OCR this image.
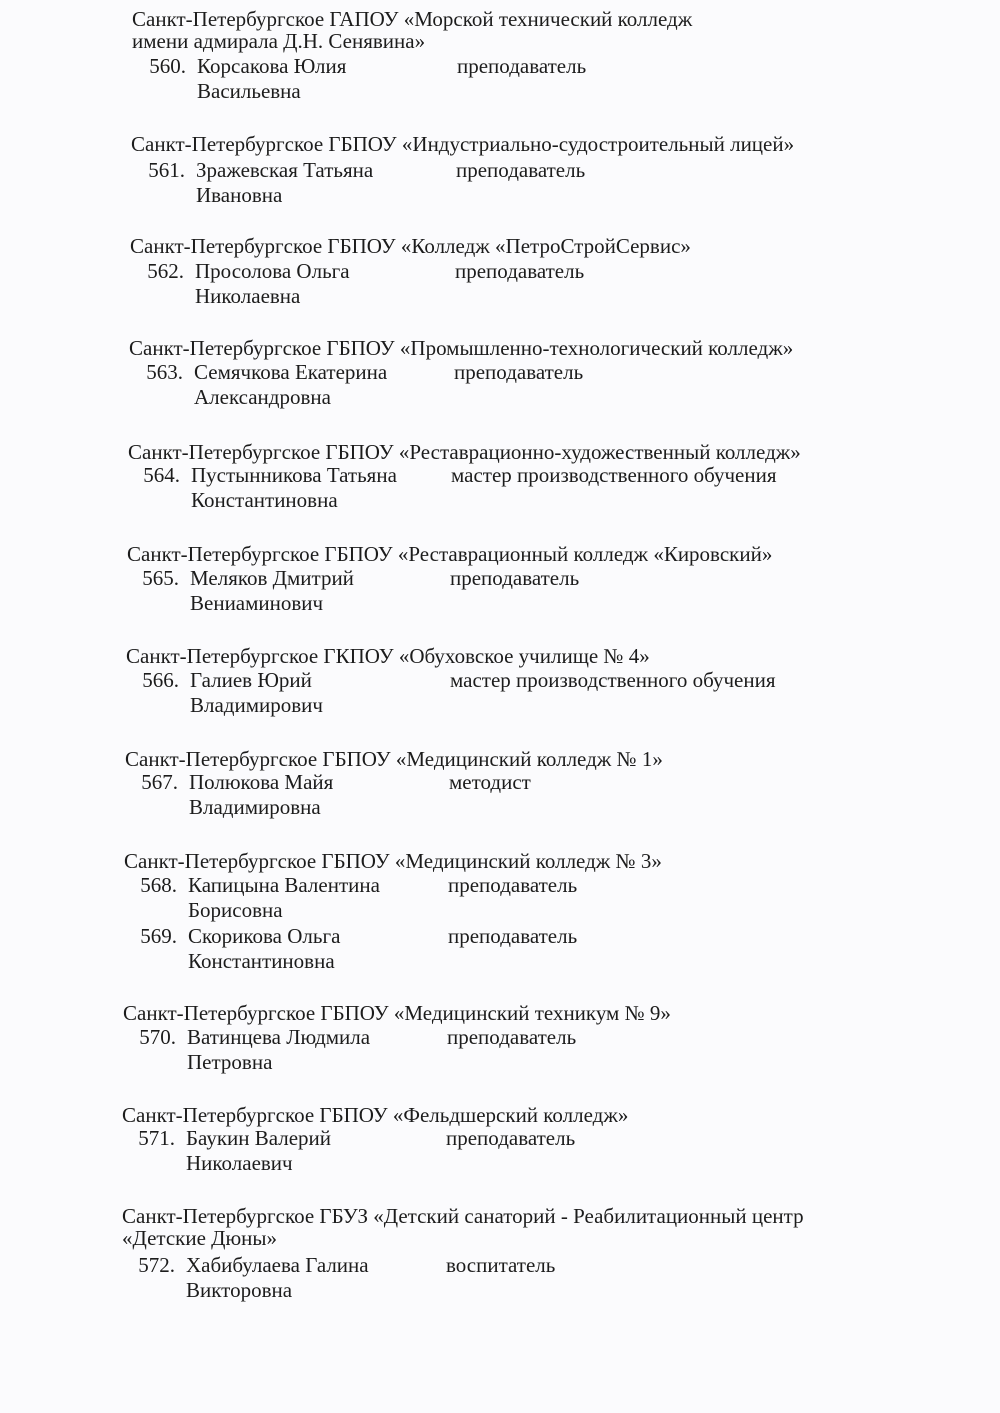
Санкт-Петербургское ГАПОУ «Морской технический колледж
имени адмирала Д.Н. Сенявина»
560. Корсакова Юлия
Васильевна
преподаватель
Санкт-Петербургское ГБПОУ «Индустриально-судостроительный лицей»
561. Зражевская Татьяна
Ивановна
преподаватель
Санкт-Петербургское ГБПОУ «Колледж «ПетроСтройСервис»
562. Просолова Ольга
Николаевна
преподаватель
Санкт-Петербургское ГБПОУ «Промышленно-технологический колледж»
563. Семячкова Екатерина
Александровна
преподаватель
Санкт-Петербургское ГБПОУ «Реставрационно-художественный колледж»
564. Пустынникова Татьяна
Константиновна
мастер производственного обучения
Санкт-Петербургское ГБПОУ «Реставрационный колледж «Кировский»
565. Меляков Дмитрий
Вениаминович
преподаватель
Санкт-Петербургское ГКПОУ «Обуховское училище № 4»
566. Галиев Юрий
Владимирович
мастер производственного обучения
Санкт-Петербургское ГБПОУ «Медицинский колледж № 1»
567. Полюкова Майя
Владимировна
методист
Санкт-Петербургское ГБПОУ «Медицинский колледж № 3»
568. Капицына Валентина
Борисовна
преподаватель
569. Скорикова Ольга
Константиновна
преподаватель
Санкт-Петербургское ГБПОУ «Медицинский техникум № 9»
570. Ватинцева Людмила
Петровна
преподаватель
Санкт-Петербургское ГБПОУ «Фельдшерский колледж»
571. Баукин Валерий
Николаевич
преподаватель
Санкт-Петербургское ГБУЗ «Детский санаторий - Реабилитационный центр
«Детские Дюны»
572. Хабибулаева Галина
Викторовна
воспитатель
